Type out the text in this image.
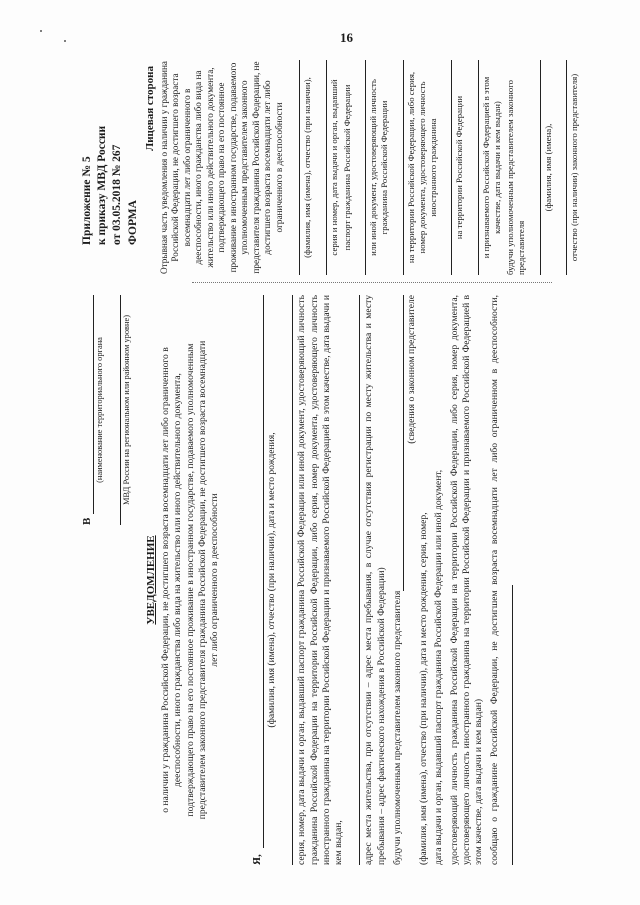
16
В
(наименование территориального органа МВД России на региональном или районном уровне)
УВЕДОМЛЕНИЕ о наличии у гражданина Российской Федерации, не достигшего возраста восемнадцати лет либо ограниченного в дееспособности, иного гражданства либо вида на жительство или иного действительного документа, подтверждающего право на его постоянное проживание в иностранном государстве, подаваемого уполномоченным представителем законного представителя гражданина Российской Федерации, не достигшего возраста восемнадцати лет либо ограниченного в дееспособности
Я,
(фамилия, имя (имена), отчество (при наличии), дата и место рождения, серия, номер, дата выдачи и орган, выдавший паспорт гражданина Российской Федерации или иной документ, удостоверяющий личность гражданина Российской Федерации на территории Российской Федерации, либо серия, номер документа, удостоверяющего личность иностранного гражданина на территории Российской Федерации и признаваемого Российской Федерацией в этом качестве, дата выдачи и кем выдан, адрес места жительства, при отсутствии – адрес места пребывания, в случае отсутствия регистрации по месту жительства и месту пребывания – адрес фактического нахождения в Российской Федерации) будучи уполномоченным представителем законного представителя
(сведения о законном представителе

(фамилия, имя (имена), отчество (при наличии), дата и место рождения, серия, номер, дата выдачи и орган, выдавший паспорт гражданина Российской Федерации или иной документ, удостоверяющий личность гражданина Российской Федерации на территории Российской Федерации, либо серия, номер документа, удостоверяющего личность иностранного гражданина на территории Российской Федерации и признаваемого Российской Федерацией в этом качестве, дата выдачи и кем выдан) сообщаю о гражданине Российской Федерации, не достигшем возраста восемнадцати лет либо ограниченном в дееспособности,

Приложение № 5 к приказу МВД России от 03.05.2018 № 267 ФОРМА
Лицевая сторона Отрывная часть уведомления о наличии у гражданина Российской Федерации, не достигшего возраста восемнадцати лет либо ограниченного в дееспособности, иного гражданства либо вида на жительство или иного действительного документа, подтверждающего право на его постоянное проживание в иностранном государстве, подаваемого уполномоченным представителем законного представителя гражданина Российской Федерации, не достигшего возраста восемнадцати лет либо ограниченного в дееспособности (фамилия, имя (имена), отчество (при наличии), серия и номер, дата выдачи и орган, выдавший паспорт гражданина Российской Федерации или иной документ, удостоверяющий личность гражданина Российской Федерации на территории Российской Федерации, либо серия, номер документа, удостоверяющего личность иностранного гражданина на территории Российской Федерации и признаваемого Российской Федерацией в этом качестве, дата выдачи и кем выдан) будучи уполномоченным представителем законного представителя
(фамилия, имя (имена), отчество (при наличии) законного представителя)
